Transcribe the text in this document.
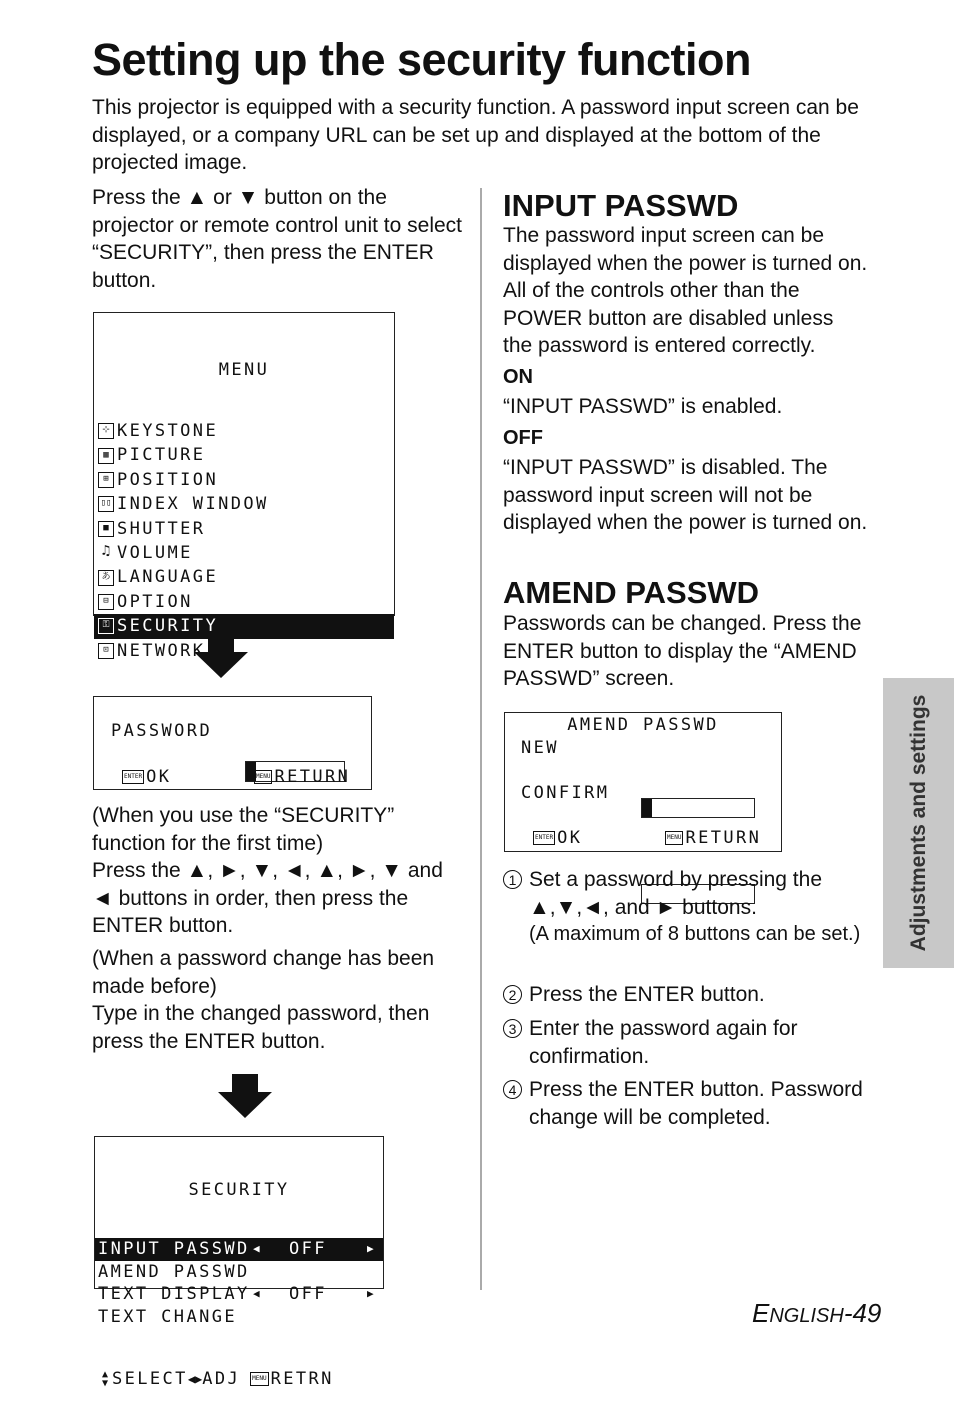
Setting up the security function
This projector is equipped with a security function. A password input screen can be displayed, or a company URL can be set up and displayed at the bottom of the projected image.
Press the ▲ or ▼ button on the projector or remote control unit to select “SECURITY”, then press the ENTER button.

MENU

⊹ KEYSTONE
▦ PICTURE
⊞ POSITION
▯▯ INDEX WINDOW
■ SHUTTER
♫ VOLUME
あ LANGUAGE
⊟ OPTION
⚿ SECURITY
⊡ NETWORK

PASSWORD

ENTER OK

	MENU RETURN

(When you use the “SECURITY” function for the first time)
Press the ▲, ►, ▼, ◄, ▲, ►, ▼ and ◄ buttons in order, then press the ENTER button.
(When a password change has been made before)
Type in the changed password, then press the ENTER button.

SECURITY

INPUT PASSWD ◀ OFF	▶
AMEND PASSWD
TEXT DISPLAY ◀ OFF	▶
TEXT CHANGE

▲
▼ SELECT ◀▶ ADJ	MENU RETRN

INPUT PASSWD
The password input screen can be displayed when the power is turned on. All of the controls other than the POWER button are disabled unless the password is entered correctly.
ON
“INPUT PASSWD” is enabled.
OFF
“INPUT PASSWD” is disabled. The password input screen will not be displayed when the power is turned on.
AMEND PASSWD
Passwords can be changed. Press the ENTER button to display the “AMEND PASSWD” screen.

AMEND PASSWD

NEW

CONFIRM

ENTER OK

	MENU RETURN

1 Set a password by pressing the ▲,▼,◄, and ► buttons.
(A maximum of 8 buttons can be set.)
2 Press the ENTER button.
3 Enter the password again for confirmation.
4 Press the ENTER button. Password change will be completed.
Adjustments and settings
ENGLISH-49
